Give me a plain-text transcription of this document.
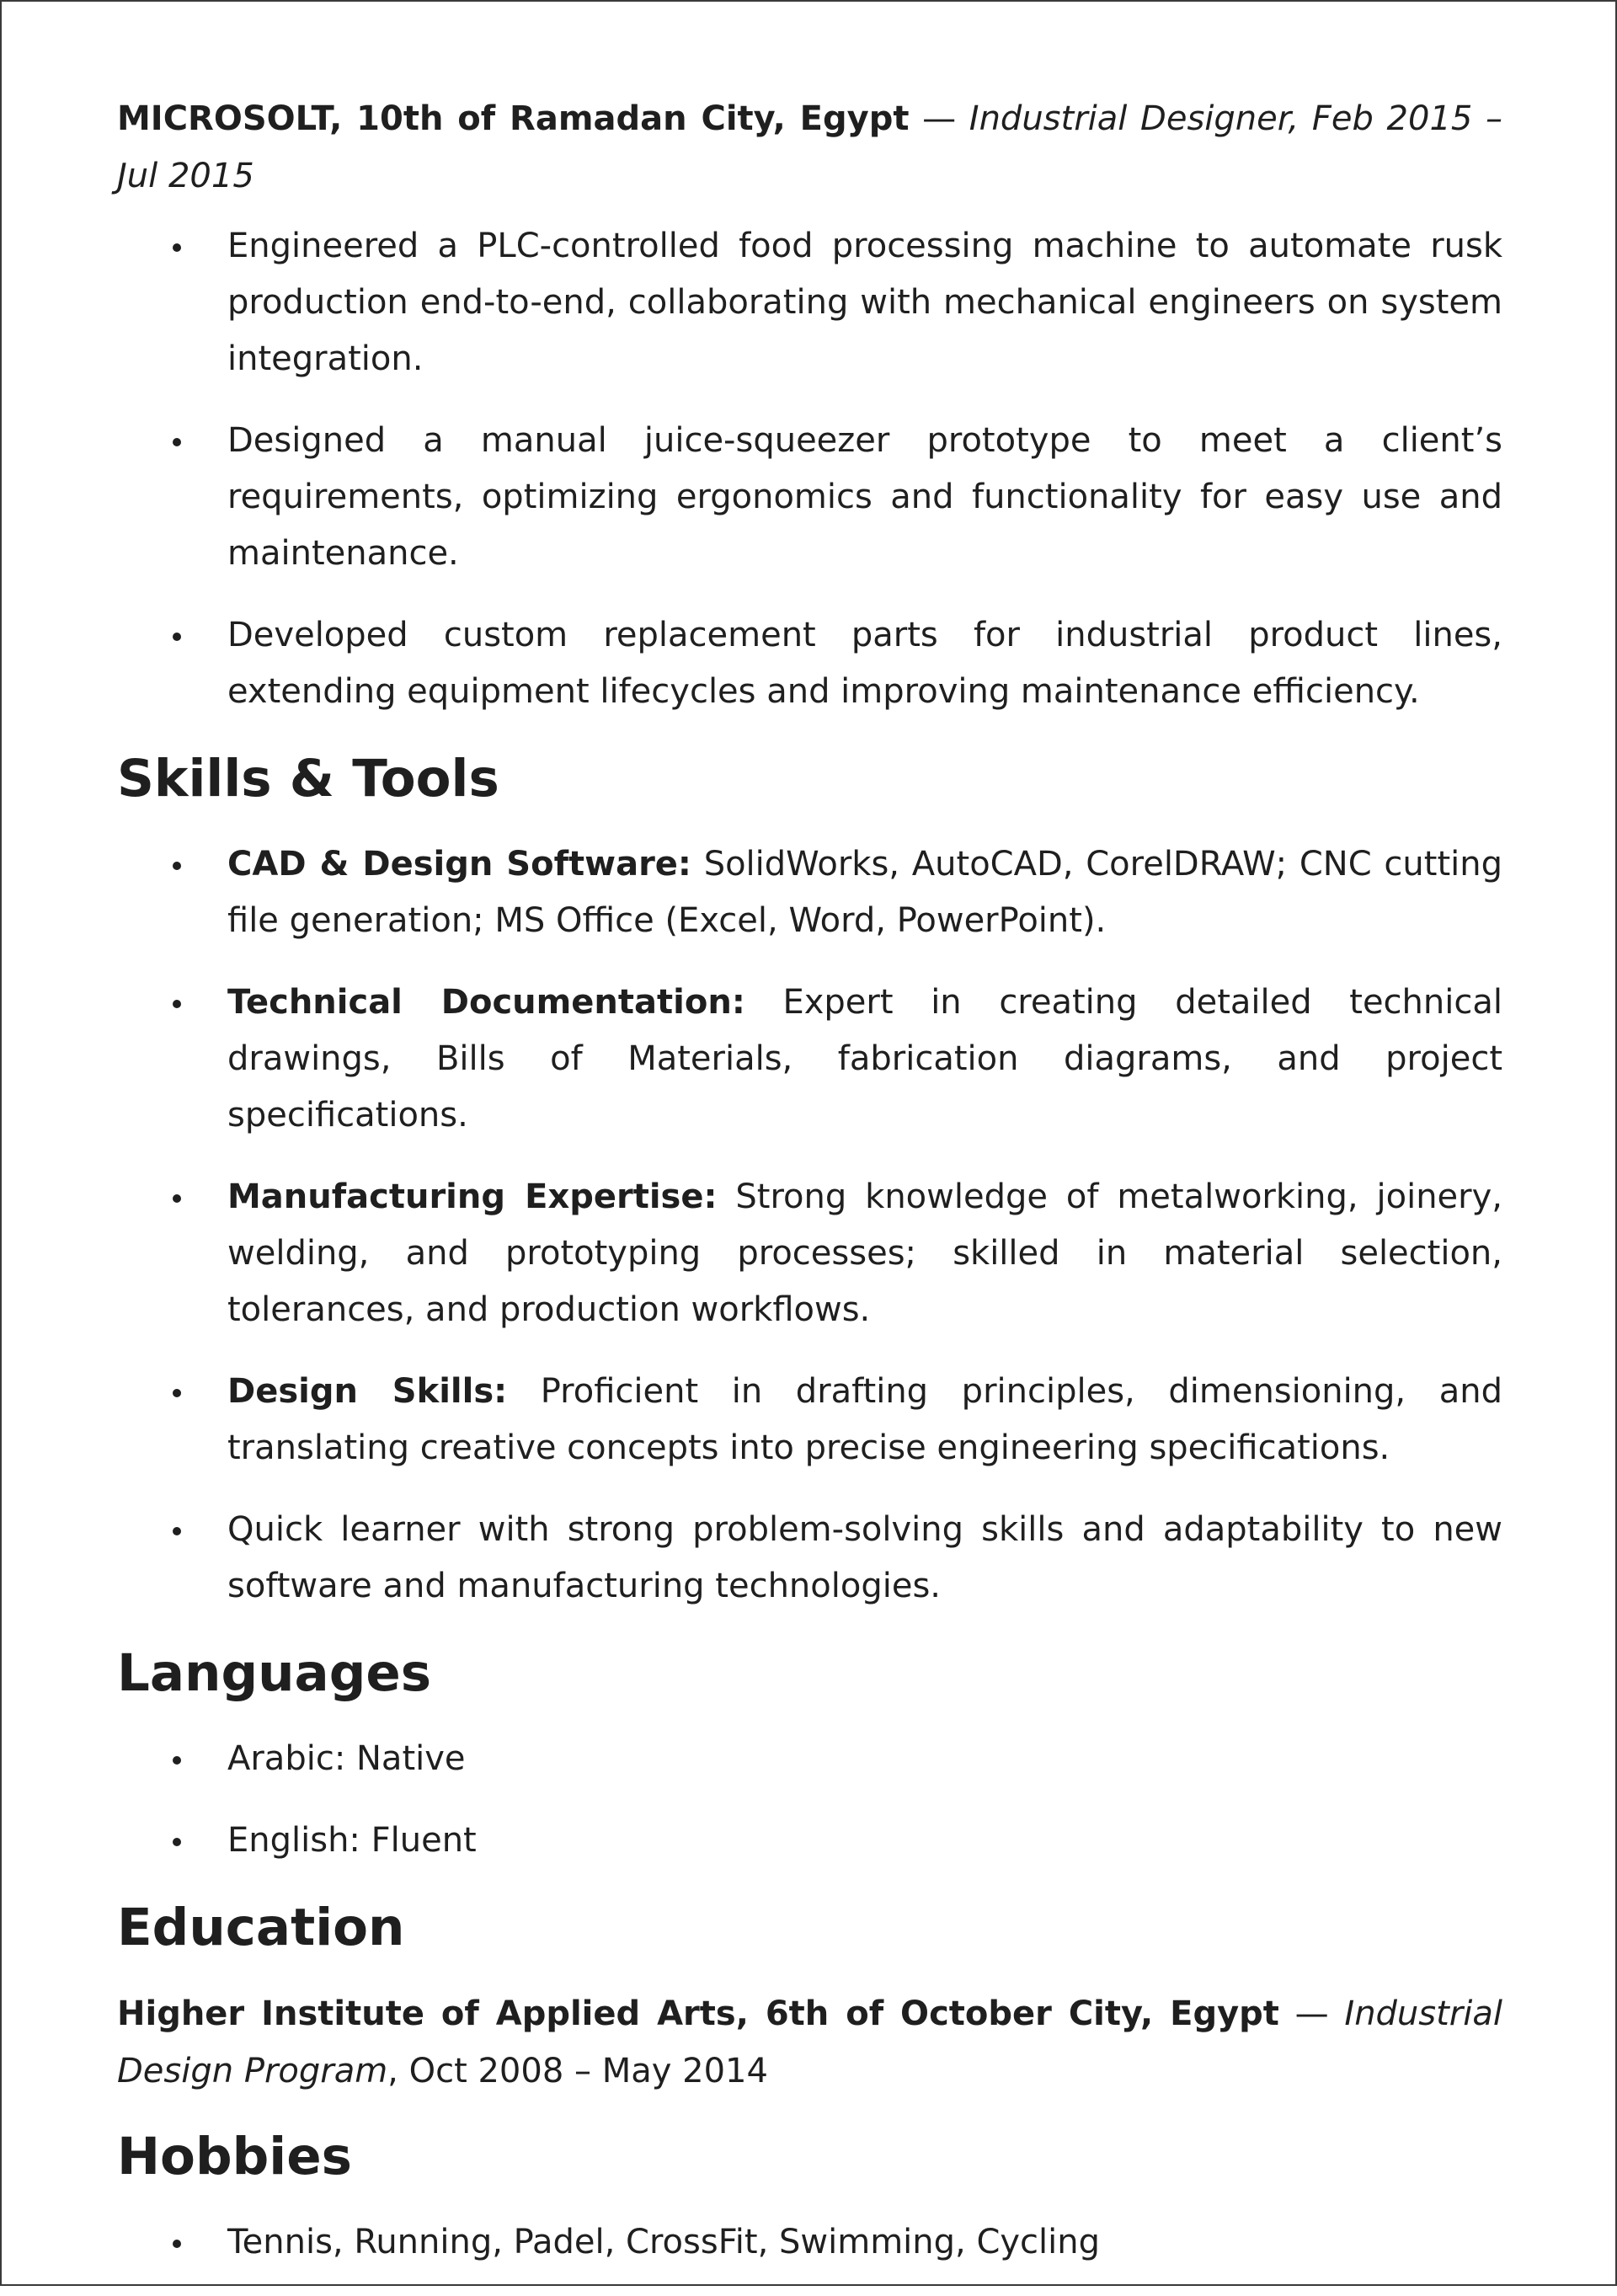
MICROSOLT, 10th of Ramadan City, Egypt — Industrial Designer, Feb 2015 – Jul 2015

Engineered a PLC-controlled food processing machine to automate rusk production end-to-end, collaborating with mechanical engineers on system integration.
Designed a manual juice-squeezer prototype to meet a client’s requirements, optimizing ergonomics and functionality for easy use and maintenance.
Developed custom replacement parts for industrial product lines, extending equipment lifecycles and improving maintenance efficiency.
Skills & Tools
CAD & Design Software: SolidWorks, AutoCAD, CorelDRAW; CNC cutting file generation; MS Office (Excel, Word, PowerPoint).
Technical Documentation: Expert in creating detailed technical drawings, Bills of Materials, fabrication diagrams, and project specifications.
Manufacturing Expertise: Strong knowledge of metalworking, joinery, welding, and prototyping processes; skilled in material selection, tolerances, and production workflows.
Design Skills: Proficient in drafting principles, dimensioning, and translating creative concepts into precise engineering specifications.
Quick learner with strong problem-solving skills and adaptability to new software and manufacturing technologies.
Languages
Arabic: Native
English: Fluent
Education

Higher Institute of Applied Arts, 6th of October City, Egypt — Industrial Design Program, Oct 2008 – May 2014

Hobbies
Tennis, Running, Padel, CrossFit, Swimming, Cycling
